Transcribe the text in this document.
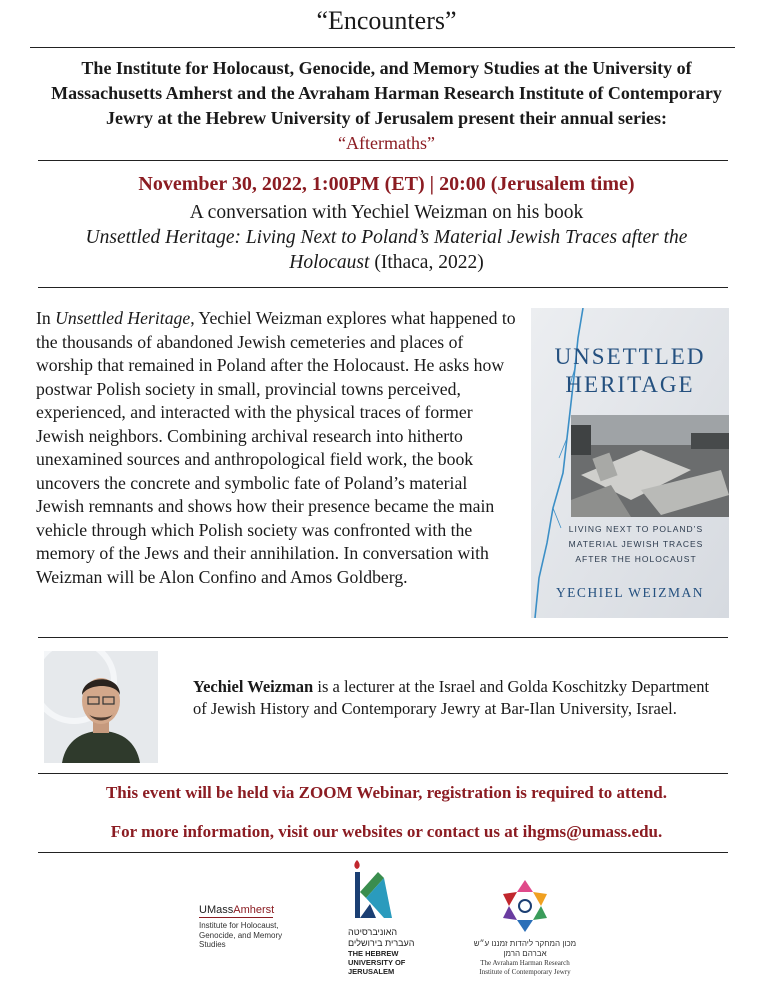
“Encounters”
The Institute for Holocaust, Genocide, and Memory Studies at the University of Massachusetts Amherst and the Avraham Harman Research Institute of Contemporary Jewry at the Hebrew University of Jerusalem present their annual series:
“Aftermaths”
November 30, 2022, 1:00PM (ET) | 20:00 (Jerusalem time)
A conversation with Yechiel Weizman on his book
Unsettled Heritage: Living Next to Poland’s Material Jewish Traces after the Holocaust (Ithaca, 2022)
In Unsettled Heritage, Yechiel Weizman explores what happened to the thousands of abandoned Jewish cemeteries and places of worship that remained in Poland after the Holocaust. He asks how postwar Polish society in small, provincial towns perceived, experienced, and interacted with the physical traces of former Jewish neighbors. Combining archival research into hitherto unexamined sources and anthropological field work, the book uncovers the concrete and symbolic fate of Poland’s material Jewish remnants and shows how their presence became the main vehicle through which Polish society was confronted with the memory of the Jews and their annihilation. In conversation with Weizman will be Alon Confino and Amos Goldberg.
UNSETTLED
HERITAGE
LIVING NEXT TO POLAND’S
MATERIAL JEWISH TRACES
AFTER THE HOLOCAUST
YECHIEL WEIZMAN
Yechiel Weizman is a lecturer at the Israel and Golda Koschitzky Department of Jewish History and Contemporary Jewry at Bar-Ilan University, Israel.
This event will be held via ZOOM Webinar, registration is required to attend.
For more information, visit our websites or contact us at ihgms@umass.edu.
UMassAmherst
Institute for Holocaust, Genocide, and Memory Studies
האוניברסיטה העברית בירושלים
THE HEBREW UNIVERSITY OF JERUSALEM
מכון המחקר ליהדות זמננו ע״ש אברהם הרמן
The Avraham Harman Research Institute of Contemporary Jewry
